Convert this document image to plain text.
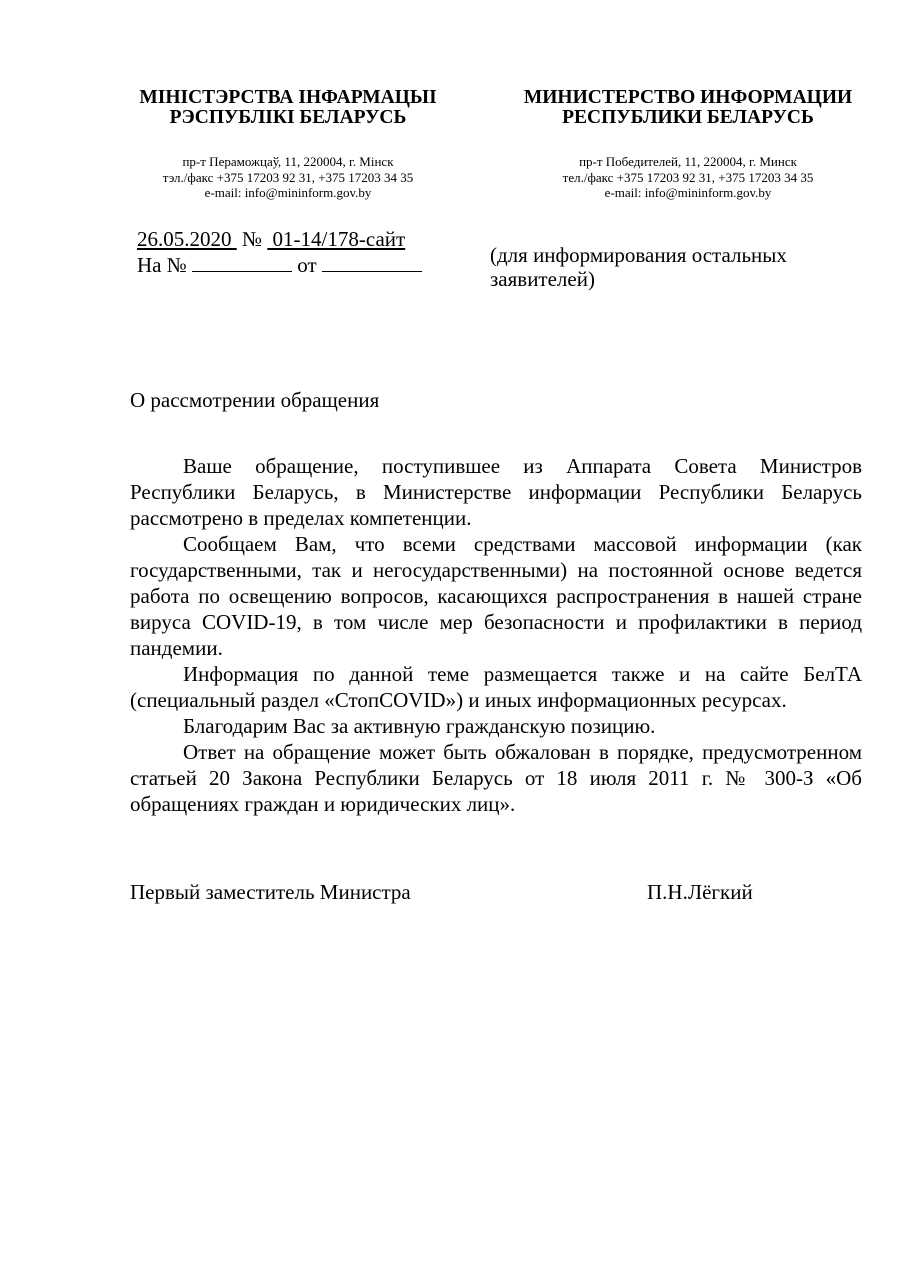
МІНІСТЭРСТВА ІНФАРМАЦЫІ

РЭСПУБЛІКІ БЕЛАРУСЬ

пр-т Пераможцаў, 11, 220004, г. Мінск
тэл./факс +375 17203 92 31, +375 17203 34 35
e-mail: info@mininform.gov.by

МИНИСТЕРСТВО ИНФОРМАЦИИ

РЕСПУБЛИКИ БЕЛАРУСЬ

пр-т Победителей, 11, 220004, г. Минск
тел./факс +375 17203 92 31, +375 17203 34 35
e-mail: info@mininform.gov.by
26.05.2020 № 01-14/178-сайт
На №	от	(для информирования остальных заявителей)
О рассмотрении обращения

Ваше обращение, поступившее из Аппарата Совета Министров Республики Беларусь, в Министерстве информации Республики Беларусь рассмотрено в пределах компетенции.

Сообщаем Вам, что всеми средствами массовой информации (как государственными, так и негосударственными) на постоянной основе ведется работа по освещению вопросов, касающихся распространения в нашей стране вируса COVID-19, в том числе мер безопасности и профилактики в период пандемии.

Информация по данной теме размещается также и на сайте БелТА (специальный раздел «СтопCOVID») и иных информационных ресурсах.

Благодарим Вас за активную гражданскую позицию.

Ответ на обращение может быть обжалован в порядке, предусмотренном статьей 20 Закона Республики Беларусь от 18 июля 2011 г. № 300-З «Об обращениях граждан и юридических лиц».

Первый заместитель Министра	П.Н.Лёгкий
